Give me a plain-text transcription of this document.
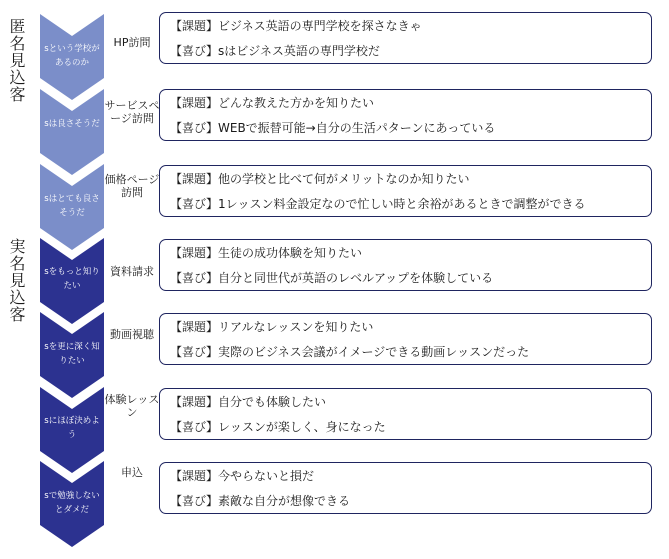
匿名見込客
実名見込客
sという学校があるのか
HP訪問
【課題】ビジネス英語の専門学校を探さなきゃ
【喜び】sはビジネス英語の専門学校だ
sは良さそうだ
サービスページ訪問
【課題】どんな教えた方かを知りたい
【喜び】WEBで振替可能→自分の生活パターンにあっている
sはとても良さそうだ
価格ページ訪問
【課題】他の学校と比べて何がメリットなのか知りたい
【喜び】1レッスン料金設定なので忙しい時と余裕があるときで調整ができる
sをもっと知りたい
資料請求
【課題】生徒の成功体験を知りたい
【喜び】自分と同世代が英語のレベルアップを体験している
sを更に深く知りたい
動画視聴
【課題】リアルなレッスンを知りたい
【喜び】実際のビジネス会議がイメージできる動画レッスンだった
sにほぼ決めよう
体験レッスン
【課題】自分でも体験したい
【喜び】レッスンが楽しく、身になった
sで勉強しないとダメだ
申込	【課題】今やらないと損だ
【喜び】素敵な自分が想像できる
